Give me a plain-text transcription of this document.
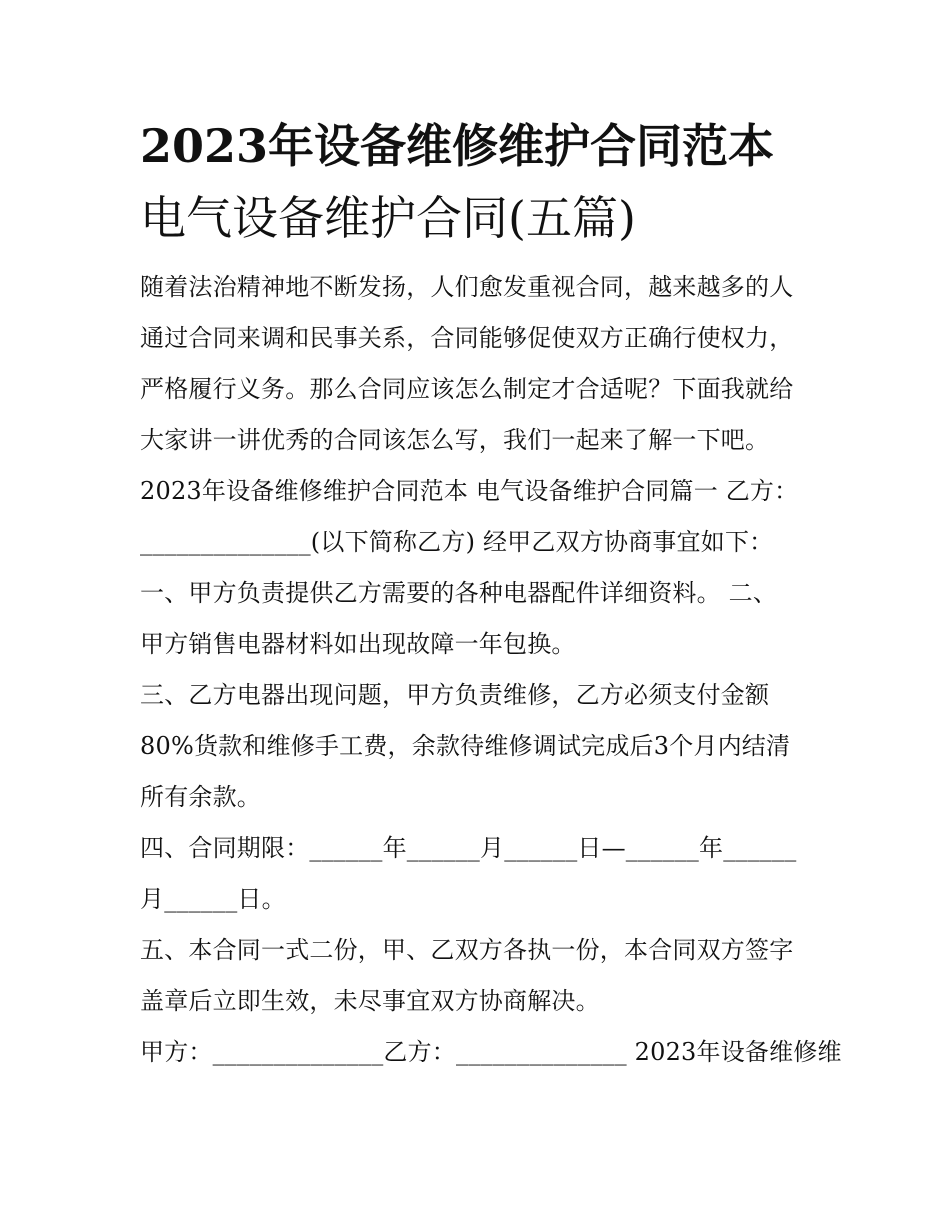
2023年设备维修维护合同范本
电气设备维护合同(五篇)
随着法治精神地不断发扬，人们愈发重视合同，越来越多的人
通过合同来调和民事关系，合同能够促使双方正确行使权力，
严格履行义务。那么合同应该怎么制定才合适呢？下面我就给
大家讲一讲优秀的合同该怎么写，我们一起来了解一下吧。
2023年设备维修维护合同范本 电气设备维护合同篇一 乙方：
______________(以下简称乙方) 经甲乙双方协商事宜如下：
一、甲方负责提供乙方需要的各种电器配件详细资料。 二、
甲方销售电器材料如出现故障一年包换。
三、乙方电器出现问题，甲方负责维修，乙方必须支付金额
80%货款和维修手工费，余款待维修调试完成后3个月内结清
所有余款。
四、合同期限：______年______月______日—______年______
月______日。
五、本合同一式二份，甲、乙双方各执一份，本合同双方签字
盖章后立即生效，未尽事宜双方协商解决。
甲方：______________乙方：______________ 2023年设备维修维
